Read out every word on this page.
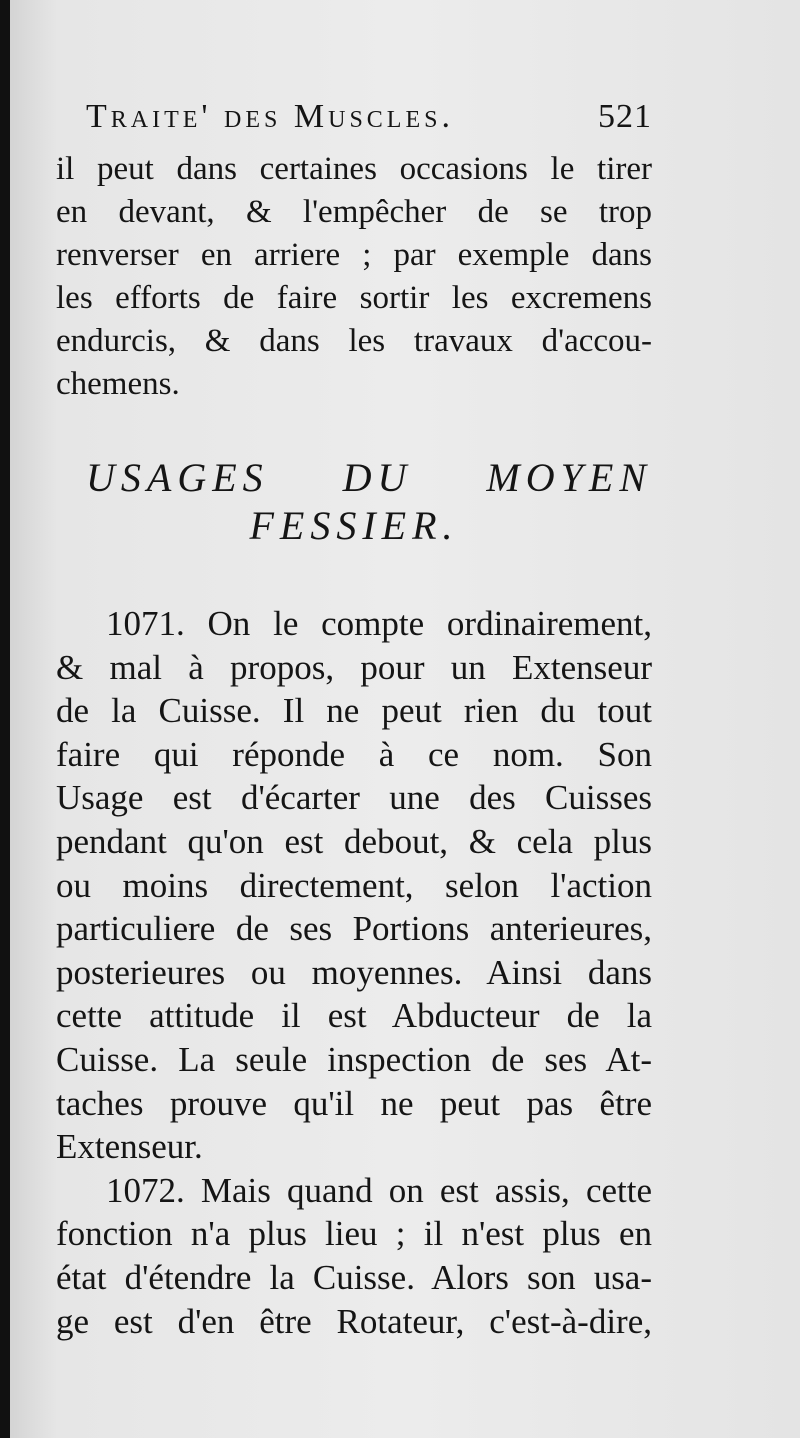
Traite' des Muscles.	521
il peut dans certaines occasions le tirer
en devant, & l'empêcher de se trop
renverser en arriere ; par exemple dans
les efforts de faire sortir les excremens
endurcis, & dans les travaux d'accou-
chemens.
USAGES DU MOYEN
FESSIER.
1071. On le compte ordinairement,
& mal à propos, pour un Extenseur
de la Cuisse. Il ne peut rien du tout
faire qui réponde à ce nom. Son
Usage est d'écarter une des Cuisses
pendant qu'on est debout, & cela plus
ou moins directement, selon l'action
particuliere de ses Portions anterieures,
posterieures ou moyennes. Ainsi dans
cette attitude il est Abducteur de la
Cuisse. La seule inspection de ses At-
taches prouve qu'il ne peut pas être
Extenseur.
1072. Mais quand on est assis, cette
fonction n'a plus lieu ; il n'est plus en
état d'étendre la Cuisse. Alors son usa-
ge est d'en être Rotateur, c'est-à-dire,
